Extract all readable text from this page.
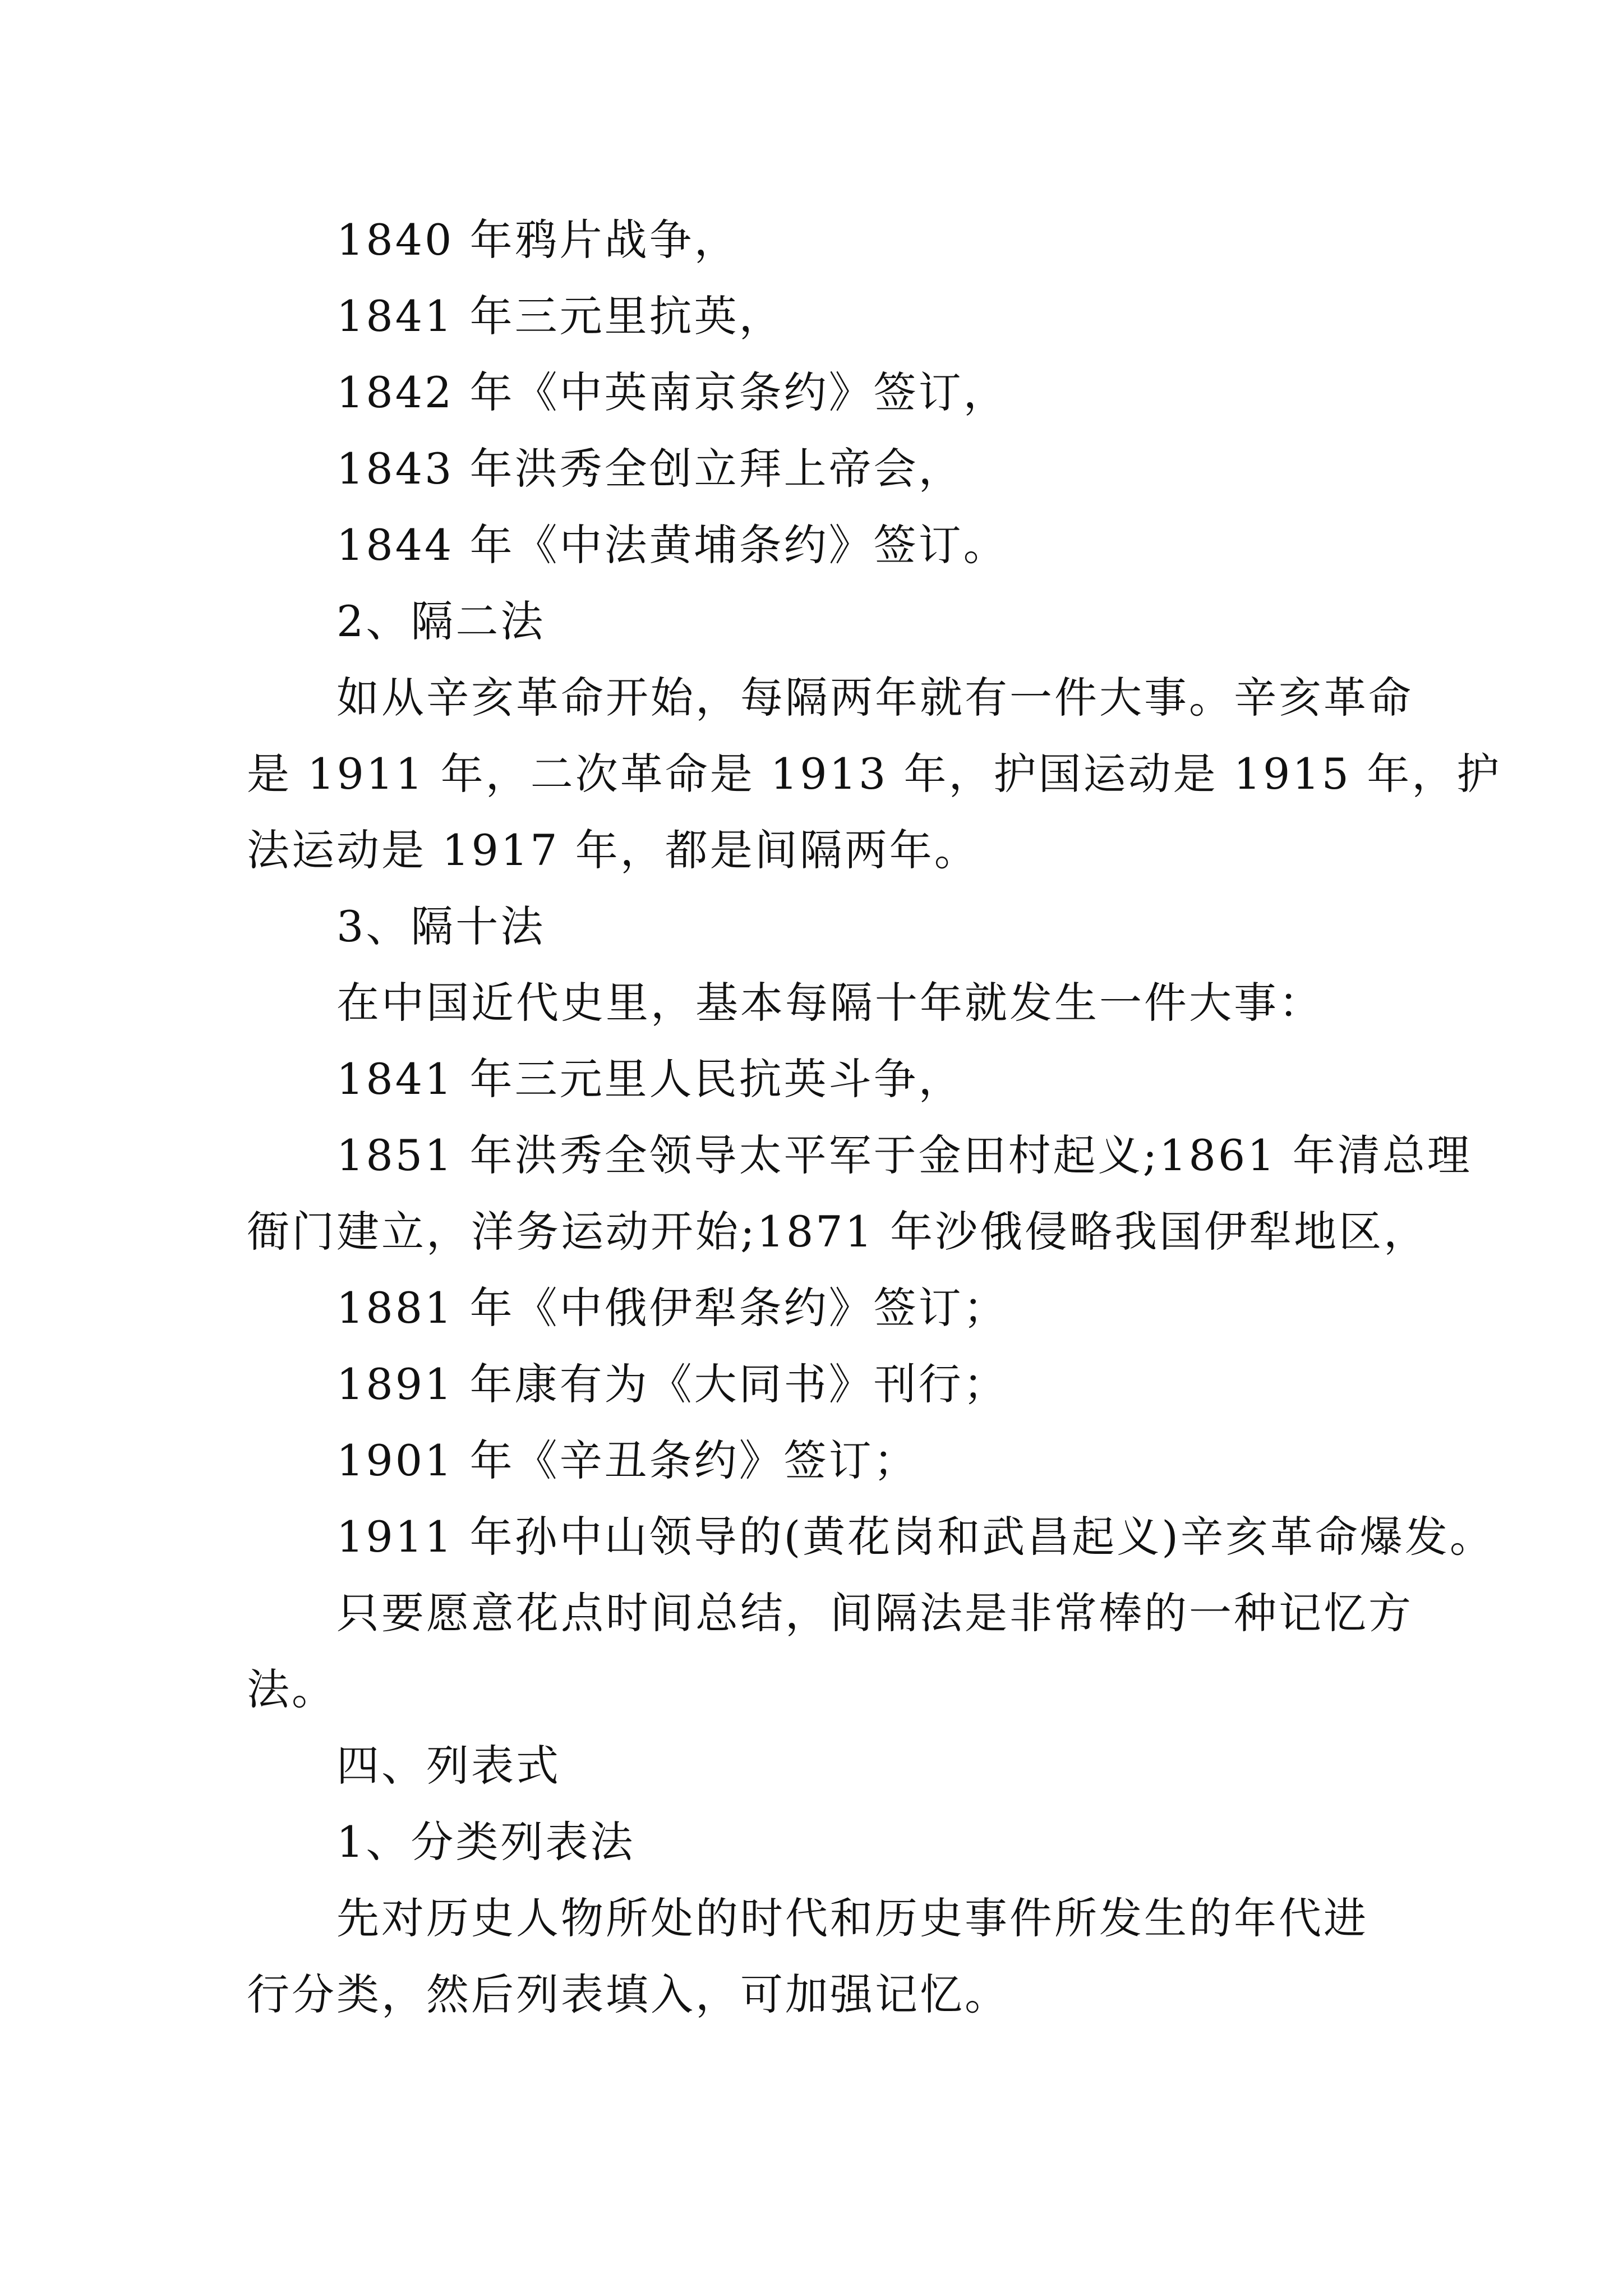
1840 年鸦片战争，
1841 年三元里抗英，
1842 年《中英南京条约》签订，
1843 年洪秀全创立拜上帝会，
1844 年《中法黄埔条约》签订。
2、隔二法
如从辛亥革命开始，每隔两年就有一件大事。辛亥革命
是 1911 年，二次革命是 1913 年，护国运动是 1915 年，护
法运动是 1917 年，都是间隔两年。
3、隔十法
在中国近代史里，基本每隔十年就发生一件大事：
1841 年三元里人民抗英斗争，
1851 年洪秀全领导太平军于金田村起义;1861 年清总理
衙门建立，洋务运动开始;1871 年沙俄侵略我国伊犁地区，
1881 年《中俄伊犁条约》签订；
1891 年康有为《大同书》刊行；
1901 年《辛丑条约》签订；
1911 年孙中山领导的(黄花岗和武昌起义)辛亥革命爆发。
只要愿意花点时间总结，间隔法是非常棒的一种记忆方
法。
四、列表式
1、分类列表法
先对历史人物所处的时代和历史事件所发生的年代进
行分类，然后列表填入，可加强记忆。
